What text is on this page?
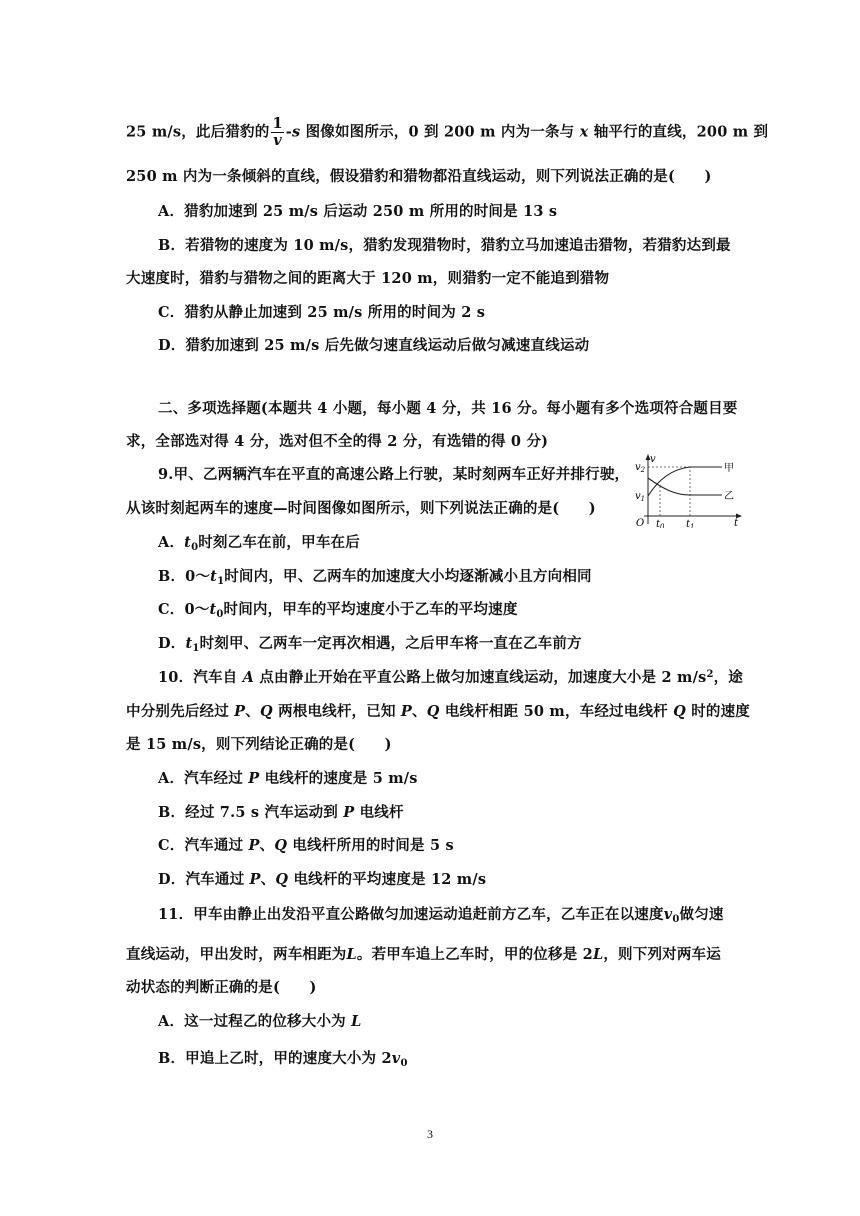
25 m/s，此后猎豹的 $\frac{1}{v} -s$ 图像如图所示，0 到 200 m 内为一条与 x 轴平行的直线，200 m 到
250 m 内为一条倾斜的直线，假设猎豹和猎物都沿直线运动，则下列说法正确的是(　　)
A．猎豹加速到 25 m/s 后运动 250 m 所用的时间是 13 s
B．若猎物的速度为 10 m/s，猎豹发现猎物时，猎豹立马加速追击猎物，若猎豹达到最
大速度时，猎豹与猎物之间的距离大于 120 m，则猎豹一定不能追到猎物
C．猎豹从静止加速到 25 m/s 所用的时间为 2 s
D．猎豹加速到 25 m/s 后先做匀速直线运动后做匀减速直线运动
二、多项选择题(本题共 4 小题，每小题 4 分，共 16 分。每小题有多个选项符合题目要
求，全部选对得 4 分，选对但不全的得 2 分，有选错的得 0 分)
9.甲、乙两辆汽车在平直的高速公路上行驶，某时刻两车正好并排行驶，
从该时刻起两车的速度—时间图像如图所示，则下列说法正确的是(　　)
v
t
O
$v_2$
$v_1$
$t_0$ $t_1$
甲
乙
A．$t_0$时刻乙车在前，甲车在后
B．$0\sim t_1$时间内，甲、乙两车的加速度大小均逐渐减小且方向相同
C．$0\sim t_0$时间内，甲车的平均速度小于乙车的平均速度
D．$t_1$时刻甲、乙两车一定再次相遇，之后甲车将一直在乙车前方
10．汽车自 A 点由静止开始在平直公路上做匀加速直线运动，加速度大小是 2 $m/s^2$，途
中分别先后经过 P、Q 两根电线杆，已知 P、Q 电线杆相距 50 m，车经过电线杆 Q 时的速度
是 15 m/s，则下列结论正确的是(　　)
A．汽车经过 P 电线杆的速度是 5 m/s
B．经过 7.5 s 汽车运动到 P 电线杆
C．汽车通过 P、Q 电线杆所用的时间是 5 s
D．汽车通过 P、Q 电线杆的平均速度是 12 m/s
11．甲车由静止出发沿平直公路做匀加速运动追赶前方乙车，乙车正在以速度$v_0$做匀速
直线运动，甲出发时，两车相距为L。若甲车追上乙车时，甲的位移是 2L，则下列对两车运
动状态的判断正确的是(　　)
A．这一过程乙的位移大小为 L
B．甲追上乙时，甲的速度大小为 $2v_0$
3
